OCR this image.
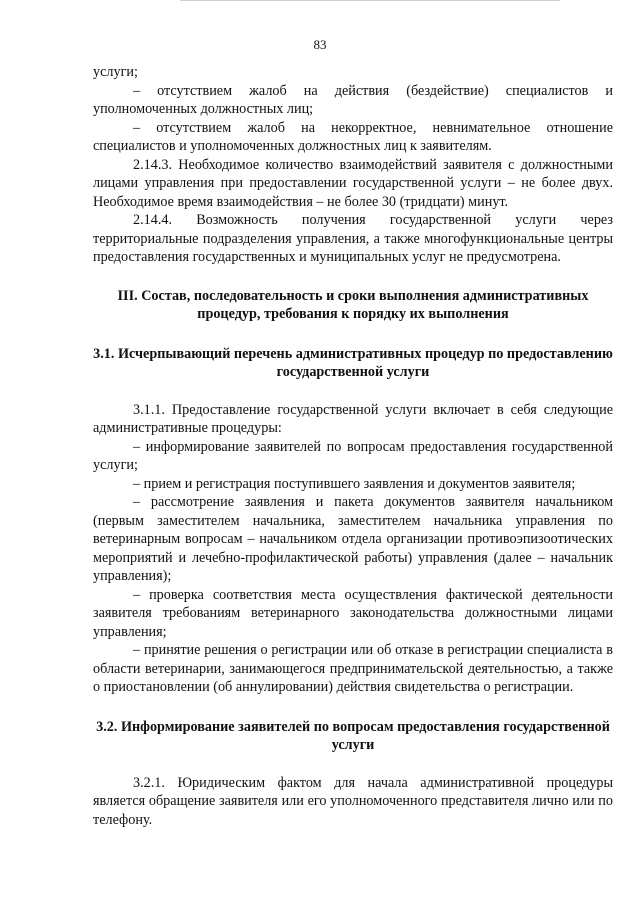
83

услуги;

– отсутствием жалоб на действия (бездействие) специалистов и уполномоченных должностных лиц;

– отсутствием жалоб на некорректное, невнимательное отношение специалистов и уполномоченных должностных лиц к заявителям.

2.14.3. Необходимое количество взаимодействий заявителя с должностными лицами управления при предоставлении государственной услуги – не более двух. Необходимое время взаимодействия – не более 30 (тридцати) минут.

2.14.4. Возможность получения государственной услуги через территориальные подразделения управления, а также многофункциональные центры предоставления государственных и муниципальных услуг не предусмотрена.

III. Состав, последовательность и сроки выполнения административных процедур, требования к порядку их выполнения

3.1. Исчерпывающий перечень административных процедур по предоставлению государственной услуги

3.1.1. Предоставление государственной услуги включает в себя следующие административные процедуры:

– информирование заявителей по вопросам предоставления государственной услуги;

– прием и регистрация поступившего заявления и документов заявителя;

– рассмотрение заявления и пакета документов заявителя начальником (первым заместителем начальника, заместителем начальника управления по ветеринарным вопросам – начальником отдела организации противоэпизоотических мероприятий и лечебно-профилактической работы) управления (далее – начальник управления);

– проверка соответствия места осуществления фактической деятельности заявителя требованиям ветеринарного законодательства должностными лицами управления;

– принятие решения о регистрации или об отказе в регистрации специалиста в области ветеринарии, занимающегося предпринимательской деятельностью, а также о приостановлении (об аннулировании) действия свидетельства о регистрации.

3.2. Информирование заявителей по вопросам предоставления государственной услуги

3.2.1. Юридическим фактом для начала административной процедуры является обращение заявителя или его уполномоченного представителя лично или по телефону.
